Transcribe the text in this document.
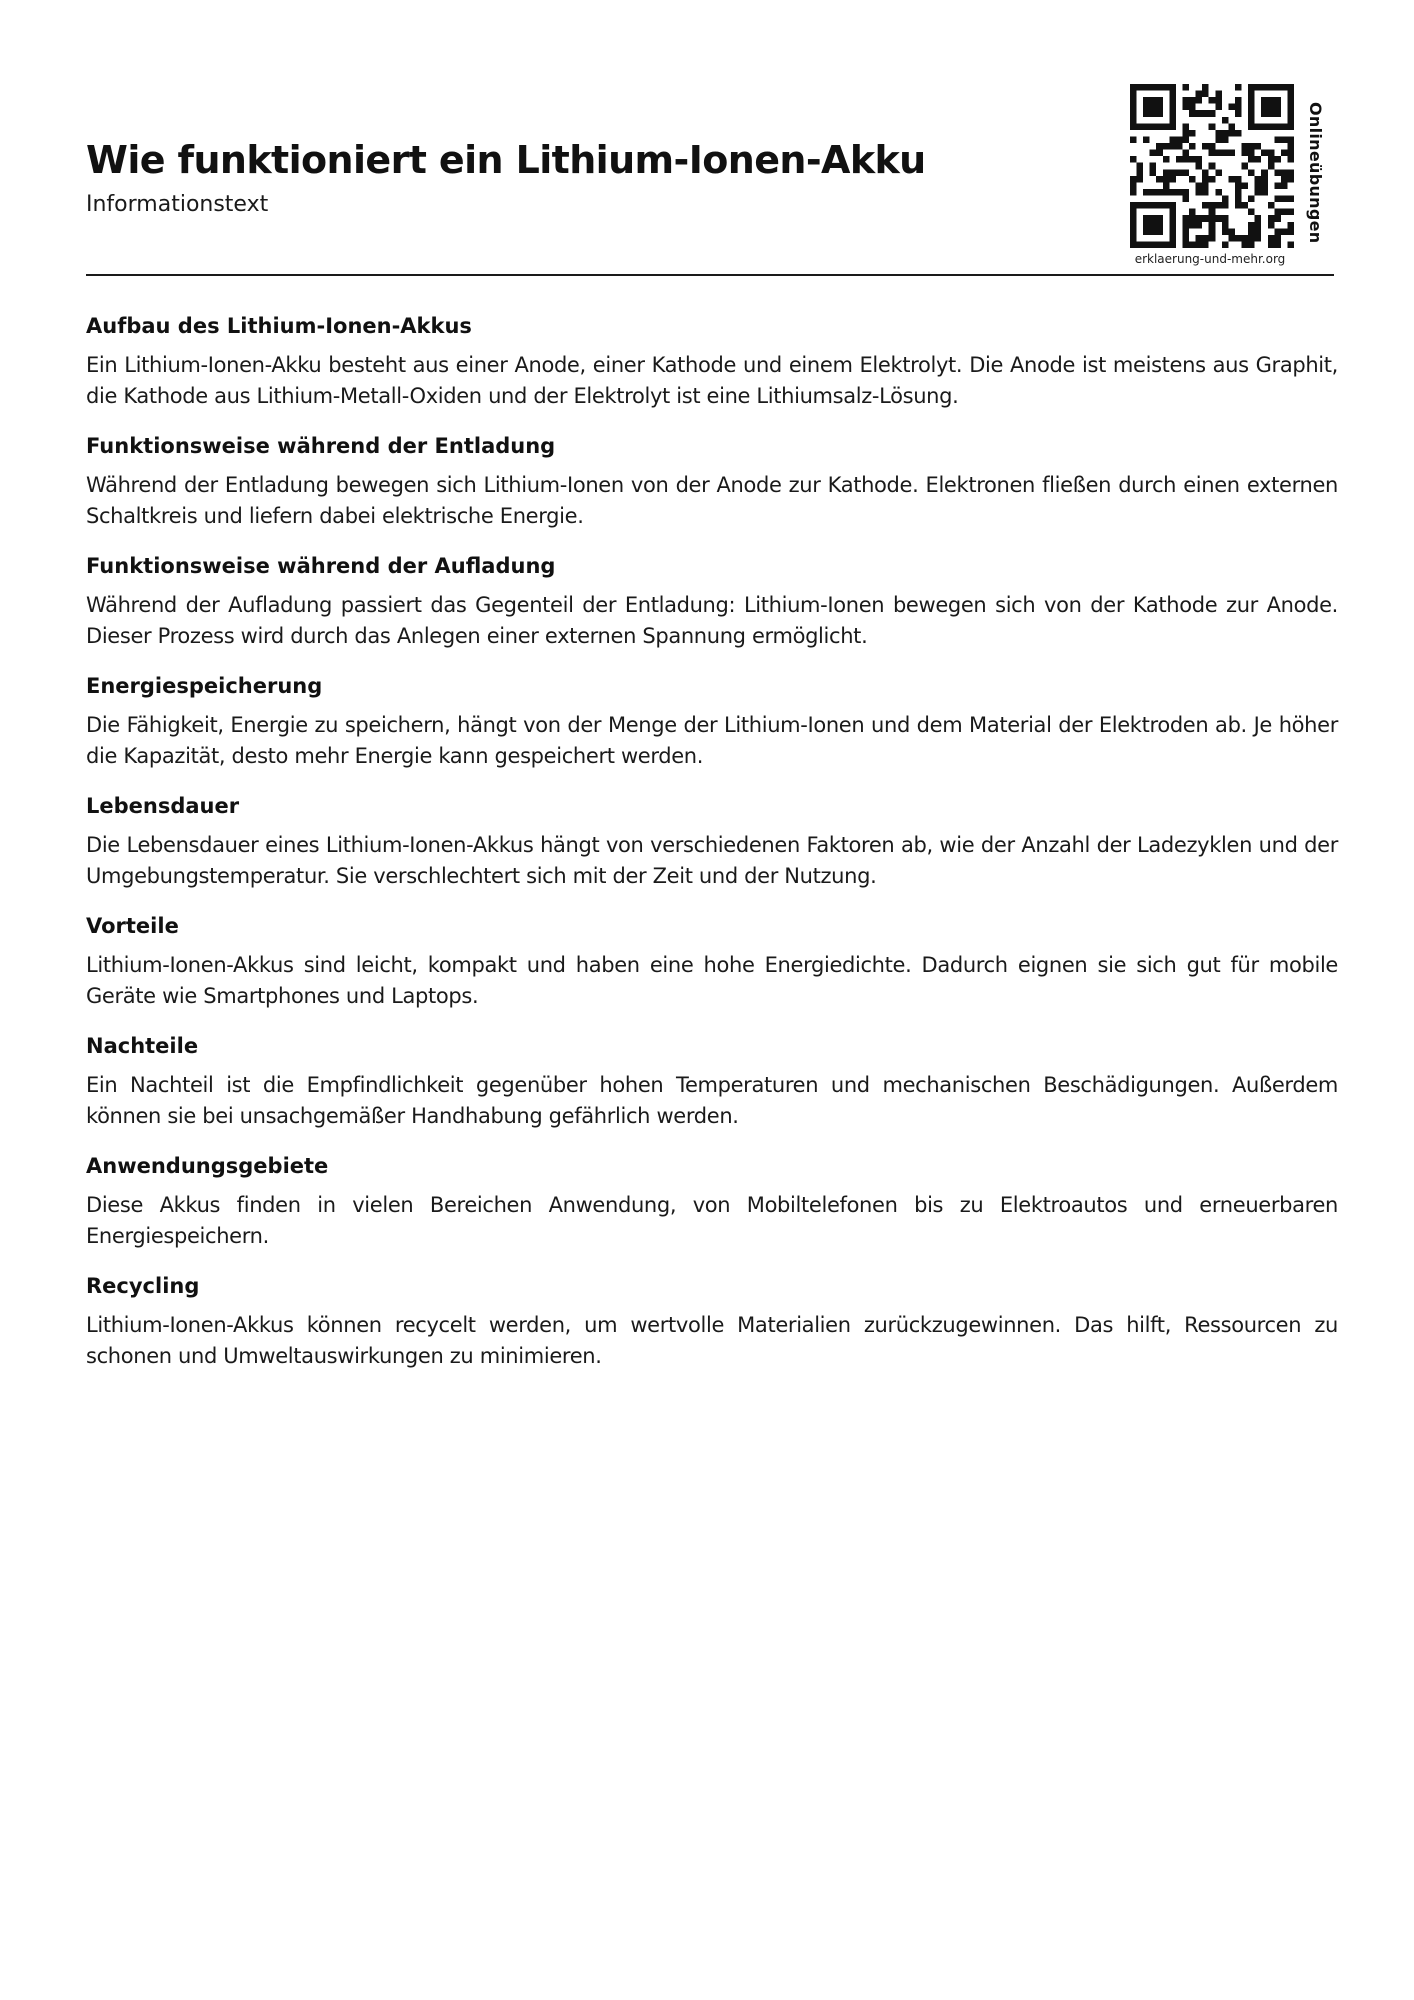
Wie funktioniert ein Lithium-Ionen-Akku

Informationstext

erklaerung-und-mehr.org
Onlineübungen
Aufbau des Lithium-Ionen-Akkus

Ein Lithium-Ionen-Akku besteht aus einer Anode, einer Kathode und einem Elektrolyt. Die Anode ist meistens aus Graphit, die Kathode aus Lithium-Metall-Oxiden und der Elektrolyt ist eine Lithiumsalz-Lösung.

Funktionsweise während der Entladung

Während der Entladung bewegen sich Lithium-Ionen von der Anode zur Kathode. Elektronen fließen durch einen externen Schaltkreis und liefern dabei elektrische Energie.

Funktionsweise während der Aufladung

Während der Aufladung passiert das Gegenteil der Entladung: Lithium-Ionen bewegen sich von der Kathode zur Anode. Dieser Prozess wird durch das Anlegen einer externen Spannung ermöglicht.

Energiespeicherung

Die Fähigkeit, Energie zu speichern, hängt von der Menge der Lithium-Ionen und dem Material der Elektroden ab. Je höher die Kapazität, desto mehr Energie kann gespeichert werden.

Lebensdauer

Die Lebensdauer eines Lithium-Ionen-Akkus hängt von verschiedenen Faktoren ab, wie der Anzahl der Ladezyklen und der Umgebungstemperatur. Sie verschlechtert sich mit der Zeit und der Nutzung.

Vorteile

Lithium-Ionen-Akkus sind leicht, kompakt und haben eine hohe Energiedichte. Dadurch eignen sie sich gut für mobile Geräte wie Smartphones und Laptops.

Nachteile

Ein Nachteil ist die Empfindlichkeit gegenüber hohen Temperaturen und mechanischen Beschädigungen. Außerdem können sie bei unsachgemäßer Handhabung gefährlich werden.

Anwendungsgebiete

Diese Akkus finden in vielen Bereichen Anwendung, von Mobiltelefonen bis zu Elektroautos und erneuerbaren Energiespeichern.

Recycling

Lithium-Ionen-Akkus können recycelt werden, um wertvolle Materialien zurückzugewinnen. Das hilft, Ressourcen zu schonen und Umweltauswirkungen zu minimieren.
